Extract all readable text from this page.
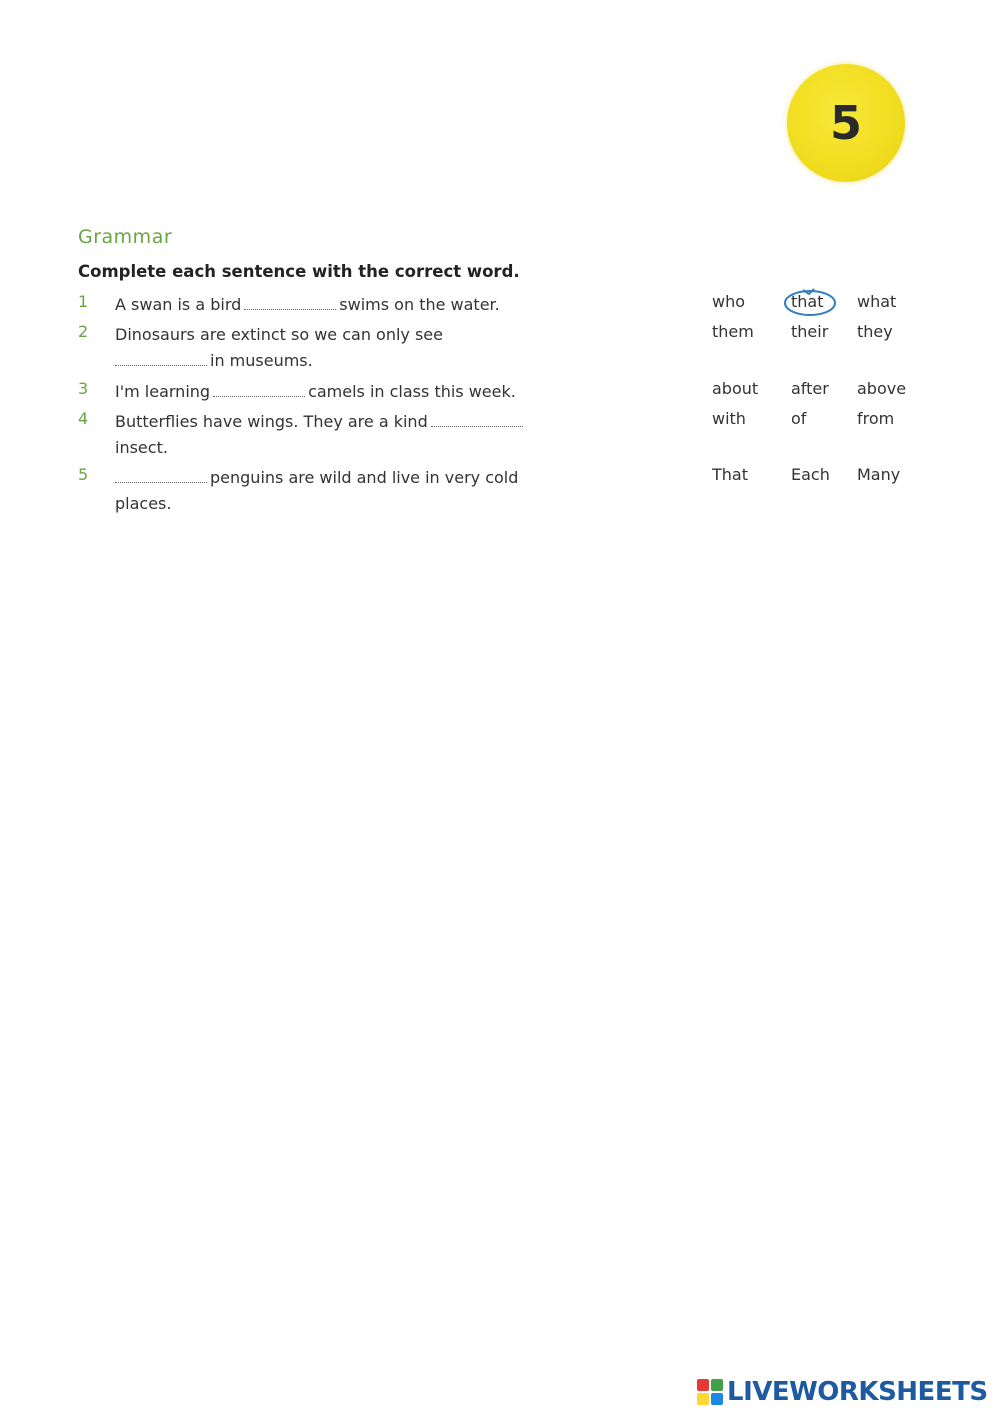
5
Grammar
Complete each sentence with the correct word.
1 A swan is a bird	swims on the water.	who	that what
2 Dinosaurs are extinct so we can only see
in museums.
them their they
3 I'm learning	camels in class this week.	about after above
4 Butterflies have wings. They are a kind
insect.
with	of	from
5	penguins are wild and live in very cold places.
That	Each Many
LIVEWORKSHEETS
